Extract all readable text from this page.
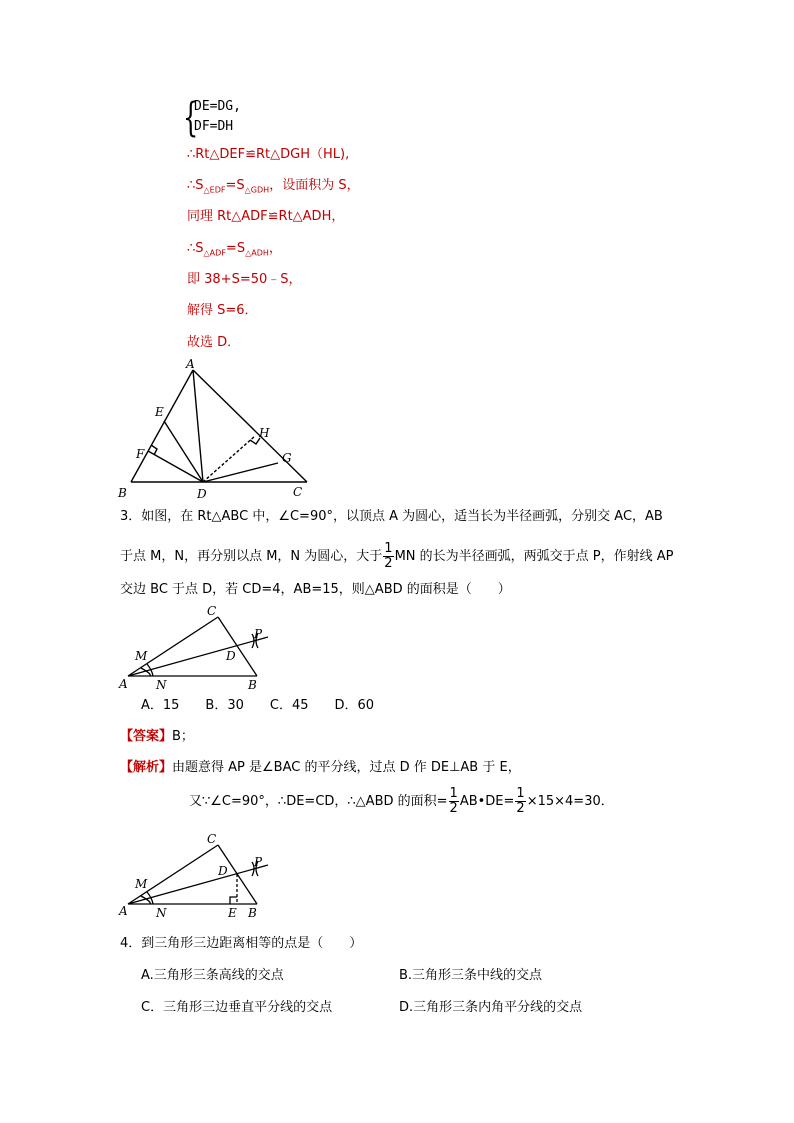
{
DE=DG,
DF=DH
∴Rt△DEF≌Rt△DGH（HL),
$\therefore S_{\triangle EDF}=S_{\triangle GDH}$，设面积为 S，
同理 Rt△ADF≌Rt△ADH，
$\therefore S_{\triangle ADF}=S_{\triangle ADH}$，
即 38+S=50﹣S，
解得 S=6．
故选 D．
A
E
F
B	D	C
H
G
3．如图，在 Rt△ABC 中，∠C=90°，以顶点 A 为圆心，适当长为半径画弧，分别交 AC，AB
于点 M，N，再分别以点 M，N 为圆心，大于 $\frac{1}{2}$ MN 的长为半径画弧，两弧交于点 P，作射线 AP
交边 BC 于点 D，若 CD=4，AB=15，则△ABD 的面积是（　　）
C
P
D
M
A N	B
A．15　　B．30　　C．45　　D．60
【答案】B；
【解析】由题意得 AP 是∠BAC 的平分线，过点 D 作 DE⊥AB 于 E，
又∵∠C=90°，∴DE=CD，∴△ABD 的面积= $\frac{1}{2}$ AB•DE= $\frac{1}{2} \times 15\times 4=30$．
C
P
D
M
A N	E B
4．到三角形三边距离相等的点是（　　）
A.三角形三条高线的交点	B.三角形三条中线的交点
C．三角形三边垂直平分线的交点	D.三角形三条内角平分线的交点
